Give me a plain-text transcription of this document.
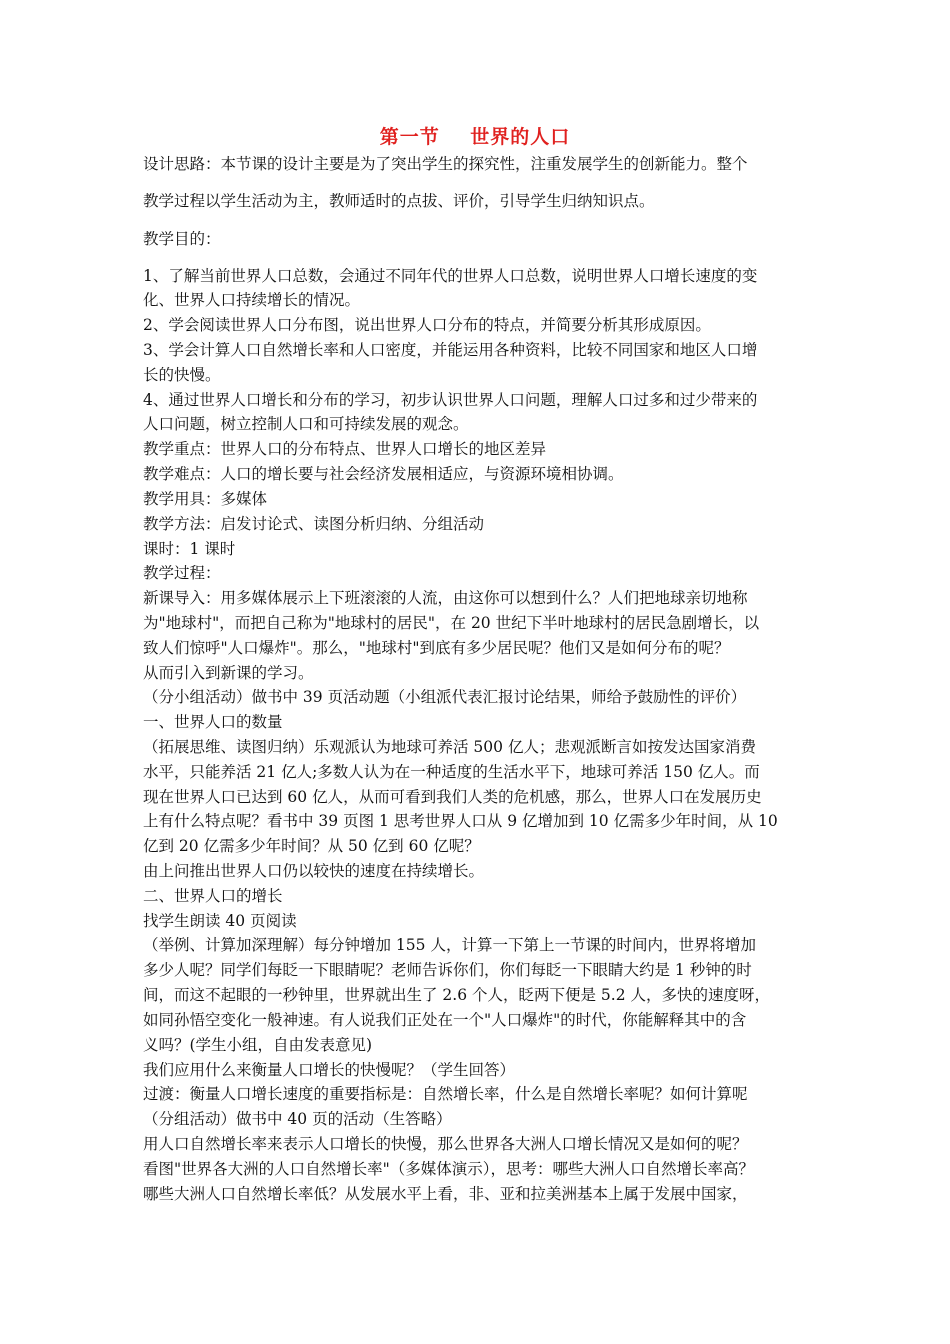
第一节    世界的人口
设计思路：本节课的设计主要是为了突出学生的探究性，注重发展学生的创新能力。整个
教学过程以学生活动为主，教师适时的点拔、评价，引导学生归纳知识点。
教学目的：
1、了解当前世界人口总数，会通过不同年代的世界人口总数，说明世界人口增长速度的变
化、世界人口持续增长的情况。
2、学会阅读世界人口分布图，说出世界人口分布的特点，并简要分析其形成原因。
3、学会计算人口自然增长率和人口密度，并能运用各种资料，比较不同国家和地区人口增
长的快慢。
4、通过世界人口增长和分布的学习，初步认识世界人口问题，理解人口过多和过少带来的
人口问题，树立控制人口和可持续发展的观念。
教学重点：世界人口的分布特点、世界人口增长的地区差异
教学难点：人口的增长要与社会经济发展相适应，与资源环境相协调。
教学用具：多媒体
教学方法：启发讨论式、读图分析归纳、分组活动
课时：1 课时
教学过程：
新课导入：用多媒体展示上下班滚滚的人流，由这你可以想到什么？人们把地球亲切地称
为"地球村"，而把自己称为"地球村的居民"，在 20 世纪下半叶地球村的居民急剧增长，以
致人们惊呼"人口爆炸"。那么，"地球村"到底有多少居民呢？他们又是如何分布的呢？
从而引入到新课的学习。
（分小组活动）做书中 39 页活动题（小组派代表汇报讨论结果，师给予鼓励性的评价）
一、世界人口的数量
（拓展思维、读图归纳）乐观派认为地球可养活 500 亿人；悲观派断言如按发达国家消费
水平，只能养活 21 亿人;多数人认为在一种适度的生活水平下，地球可养活 150 亿人。而
现在世界人口已达到 60 亿人，从而可看到我们人类的危机感，那么，世界人口在发展历史
上有什么特点呢？看书中 39 页图 1 思考世界人口从 9 亿增加到 10 亿需多少年时间，从 10
亿到 20 亿需多少年时间？从 50 亿到 60 亿呢？
由上问推出世界人口仍以较快的速度在持续增长。
二、世界人口的增长
找学生朗读 40 页阅读
（举例、计算加深理解）每分钟增加 155 人，计算一下第上一节课的时间内，世界将增加
多少人呢？同学们每眨一下眼睛呢？老师告诉你们，你们每眨一下眼睛大约是 1 秒钟的时
间，而这不起眼的一秒钟里，世界就出生了 2.6 个人，眨两下便是 5.2 人，多快的速度呀，
如同孙悟空变化一般神速。有人说我们正处在一个"人口爆炸"的时代，你能解释其中的含
义吗？(学生小组，自由发表意见)
我们应用什么来衡量人口增长的快慢呢？（学生回答）
过渡：衡量人口增长速度的重要指标是：自然增长率，什么是自然增长率呢？如何计算呢
（分组活动）做书中 40 页的活动（生答略）
用人口自然增长率来表示人口增长的快慢，那么世界各大洲人口增长情况又是如何的呢？
看图"世界各大洲的人口自然增长率"（多媒体演示），思考：哪些大洲人口自然增长率高？
哪些大洲人口自然增长率低？从发展水平上看，非、亚和拉美洲基本上属于发展中国家，
